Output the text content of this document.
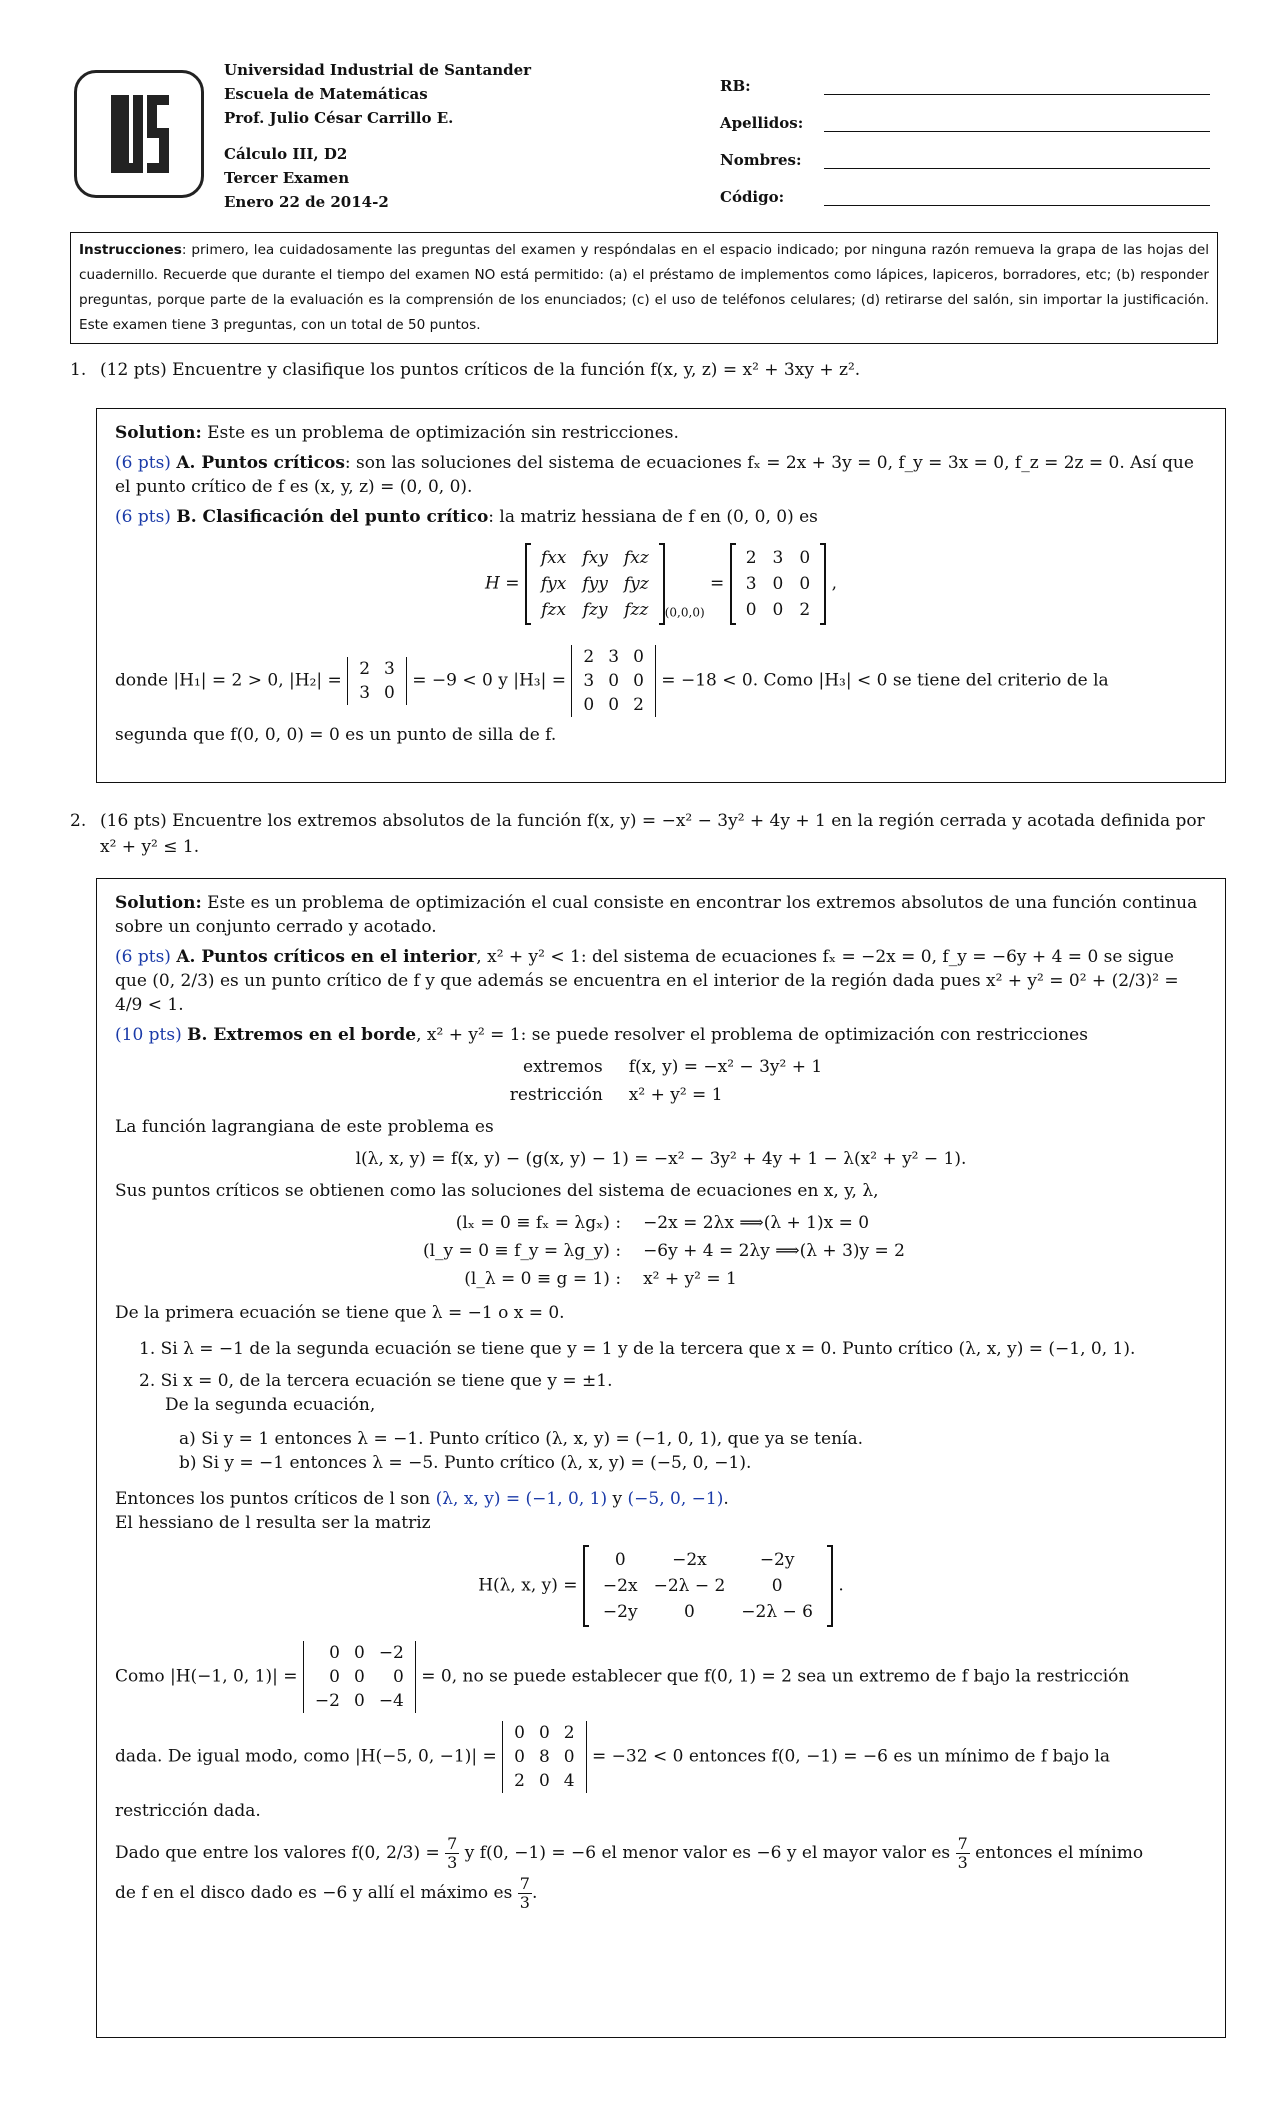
Universidad Industrial de Santander
Escuela de Matemáticas
Prof. Julio César Carrillo E.
Cálculo III, D2
Tercer Examen
Enero 22 de 2014-2
RB:
Apellidos:
Nombres:
Código:
Instrucciones: primero, lea cuidadosamente las preguntas del examen y respóndalas en el espacio indicado; por ninguna razón remueva la grapa de las hojas del cuadernillo. Recuerde que durante el tiempo del examen NO está permitido: (a) el préstamo de implementos como lápices, lapiceros, borradores, etc; (b) responder preguntas, porque parte de la evaluación es la comprensión de los enunciados; (c) el uso de teléfonos celulares; (d) retirarse del salón, sin importar la justificación. Este examen tiene 3 preguntas, con un total de 50 puntos.
1. (12 pts) Encuentre y clasifique los puntos críticos de la función f(x, y, z) = x² + 3xy + z².

Solution: Este es un problema de optimización sin restricciones.

(6 pts) A. Puntos críticos: son las soluciones del sistema de ecuaciones fₓ = 2x + 3y = 0, f_y = 3x = 0, f_z = 2z = 0. Así que el punto crítico de f es (x, y, z) = (0, 0, 0).

(6 pts) B. Clasificación del punto crítico: la matriz hessiana de f en (0, 0, 0) es

H =
fxx	fxy	fxz
fyx	fyy	fyz
fzx	fzy	fzz $_{(0,0,0)}$ =
2	3	0
3	0	0
0	0	2
,
donde |H₁| = 2 > 0, |H₂| =
2	3
3	0
= −9 < 0 y |H₃| =
2	3	0
3	0	0
0	0	2
= −18 < 0. Como |H₃| < 0 se tiene del criterio de la

segunda que f(0, 0, 0) = 0 es un punto de silla de f.

2. (16 pts) Encuentre los extremos absolutos de la función f(x, y) = −x² − 3y² + 4y + 1 en la región cerrada y acotada definida por x² + y² ≤ 1.

Solution: Este es un problema de optimización el cual consiste en encontrar los extremos absolutos de una función continua sobre un conjunto cerrado y acotado.

(6 pts) A. Puntos críticos en el interior, x² + y² < 1: del sistema de ecuaciones fₓ = −2x = 0, f_y = −6y + 4 = 0 se sigue que (0, 2/3) es un punto crítico de f y que además se encuentra en el interior de la región dada pues x² + y² = 0² + (2/3)² = 4/9 < 1.

(10 pts) B. Extremos en el borde, x² + y² = 1: se puede resolver el problema de optimización con restricciones

extremos	f(x, y) = −x² − 3y² + 1
restricción	x² + y² = 1

La función lagrangiana de este problema es

l(λ, x, y) = f(x, y) − (g(x, y) − 1) = −x² − 3y² + 4y + 1 − λ(x² + y² − 1).

Sus puntos críticos se obtienen como las soluciones del sistema de ecuaciones en x, y, λ,

(lₓ = 0 ≡ fₓ = λgₓ) :	−2x = 2λx ⟹(λ + 1)x = 0
(l_y = 0 ≡ f_y = λg_y) :	−6y + 4 = 2λy ⟹(λ + 3)y = 2
(l_λ = 0 ≡ g = 1) :	x² + y² = 1

De la primera ecuación se tiene que λ = −1 o x = 0.

1. Si λ = −1 de la segunda ecuación se tiene que y = 1 y de la tercera que x = 0. Punto crítico (λ, x, y) = (−1, 0, 1).

2. Si x = 0, de la tercera ecuación se tiene que y = ±1.

De la segunda ecuación,

a) Si y = 1 entonces λ = −1. Punto crítico (λ, x, y) = (−1, 0, 1), que ya se tenía.

b) Si y = −1 entonces λ = −5. Punto crítico (λ, x, y) = (−5, 0, −1).

Entonces los puntos críticos de l son (λ, x, y) = (−1, 0, 1) y (−5, 0, −1).

El hessiano de l resulta ser la matriz

H(λ, x, y) =
0	−2x	−2y
−2x	−2λ − 2	0
−2y	0	−2λ − 6
.
Como |H(−1, 0, 1)| =
0	0	−2
0	0	0
−2	0	−4
= 0, no se puede establecer que f(0, 1) = 2 sea un extremo de f bajo la restricción
dada. De igual modo, como |H(−5, 0, −1)| =
0	0	2
0	8	0
2	0	4
= −32 < 0 entonces f(0, −1) = −6 es un mínimo de f bajo la

restricción dada.

Dado que entre los valores f(0, $2/3) = \frac{7}{3}$ y f(0, −1) = −6 el menor valor es −6 y el mayor valor es $\frac{7}{3}$ entonces el mínimo
de f en el disco dado es −6 y allí el máximo es $\frac{7}{3}$ .
